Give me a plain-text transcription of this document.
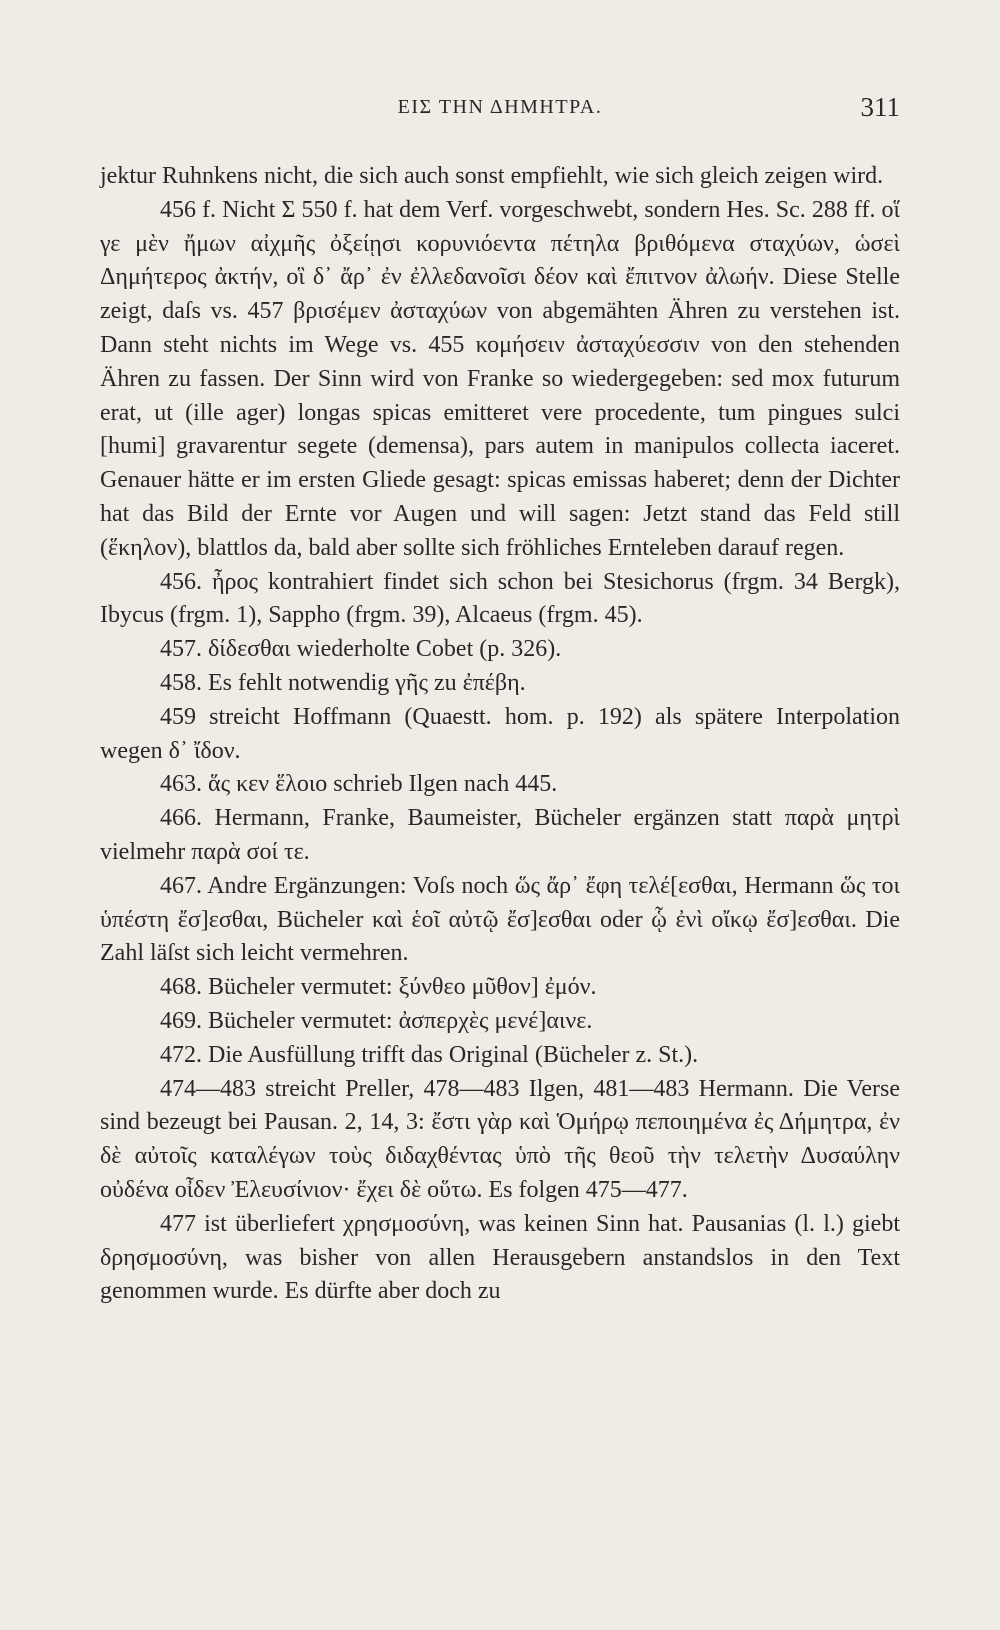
ΕΙΣ ΤΗΝ ΔΗΜΗΤΡΑ.	311

jektur Ruhnkens nicht, die sich auch sonst empfiehlt, wie sich gleich zeigen wird.

456 f. Nicht Σ 550 f. hat dem Verf. vorgeschwebt, sondern Hes. Sc. 288 ff. οἵ γε μὲν ἤμων αἰχμῆς ὀξείῃσι κορυνιόεντα πέτηλα βριθόμενα σταχύων, ὡσεὶ Δημήτερος ἀκτήν, οἳ δ᾽ ἄρ᾽ ἐν ἐλλεδανοῖσι δέον καὶ ἔπιτνον ἀλωήν. Diese Stelle zeigt, daſs vs. 457 βρισέμεν ἀσταχύων von abgemähten Ähren zu verstehen ist. Dann steht nichts im Wege vs. 455 κομήσειν ἀσταχύεσσιν von den stehenden Ähren zu fassen. Der Sinn wird von Franke so wiedergegeben: sed mox futurum erat, ut (ille ager) longas spicas emitteret vere procedente, tum pingues sulci [humi] gravarentur segete (demensa), pars autem in manipulos collecta iaceret. Genauer hätte er im ersten Gliede gesagt: spicas emissas haberet; denn der Dichter hat das Bild der Ernte vor Augen und will sagen: Jetzt stand das Feld still (ἕκηλον), blattlos da, bald aber sollte sich fröhliches Ernteleben darauf regen.

456. ἦρος kontrahiert findet sich schon bei Stesichorus (frgm. 34 Bergk), Ibycus (frgm. 1), Sappho (frgm. 39), Alcaeus (frgm. 45).

457. δίδεσθαι wiederholte Cobet (p. 326).

458. Es fehlt notwendig γῆς zu ἐπέβη.

459 streicht Hoffmann (Quaestt. hom. p. 192) als spätere Interpolation wegen δ᾽ ἴδον.

463. ἅς κεν ἕλοιο schrieb Ilgen nach 445.

466. Hermann, Franke, Baumeister, Bücheler ergänzen statt παρὰ μητρὶ vielmehr παρὰ σοί τε.

467. Andre Ergänzungen: Voſs noch ὥς ἄρ᾽ ἔφη τελέ[εσθαι, Hermann ὥς τοι ὑπέστη ἔσ]εσθαι, Bücheler καὶ ἑοῖ αὐτῷ ἔσ]εσθαι oder ᾧ ἐνὶ οἴκῳ ἔσ]εσθαι. Die Zahl läſst sich leicht vermehren.

468. Bücheler vermutet: ξύνθεο μῦθον] ἐμόν.

469. Bücheler vermutet: ἀσπερχὲς μενέ]αινε.

472. Die Ausfüllung trifft das Original (Bücheler z. St.).

474—483 streicht Preller, 478—483 Ilgen, 481—483 Hermann. Die Verse sind bezeugt bei Pausan. 2, 14, 3: ἔστι γὰρ καὶ Ὁμήρῳ πεποιημένα ἐς Δήμητρα, ἐν δὲ αὐτοῖς καταλέγων τοὺς διδαχθέντας ὑπὸ τῆς θεοῦ τὴν τελετὴν Δυσαύλην οὐδένα οἶδεν Ἐλευσίνιον· ἔχει δὲ οὕτω. Es folgen 475—477.

477 ist überliefert χρησμοσύνη, was keinen Sinn hat. Pausanias (l. l.) giebt δρησμοσύνη, was bisher von allen Herausgebern anstandslos in den Text genommen wurde. Es dürfte aber doch zu
